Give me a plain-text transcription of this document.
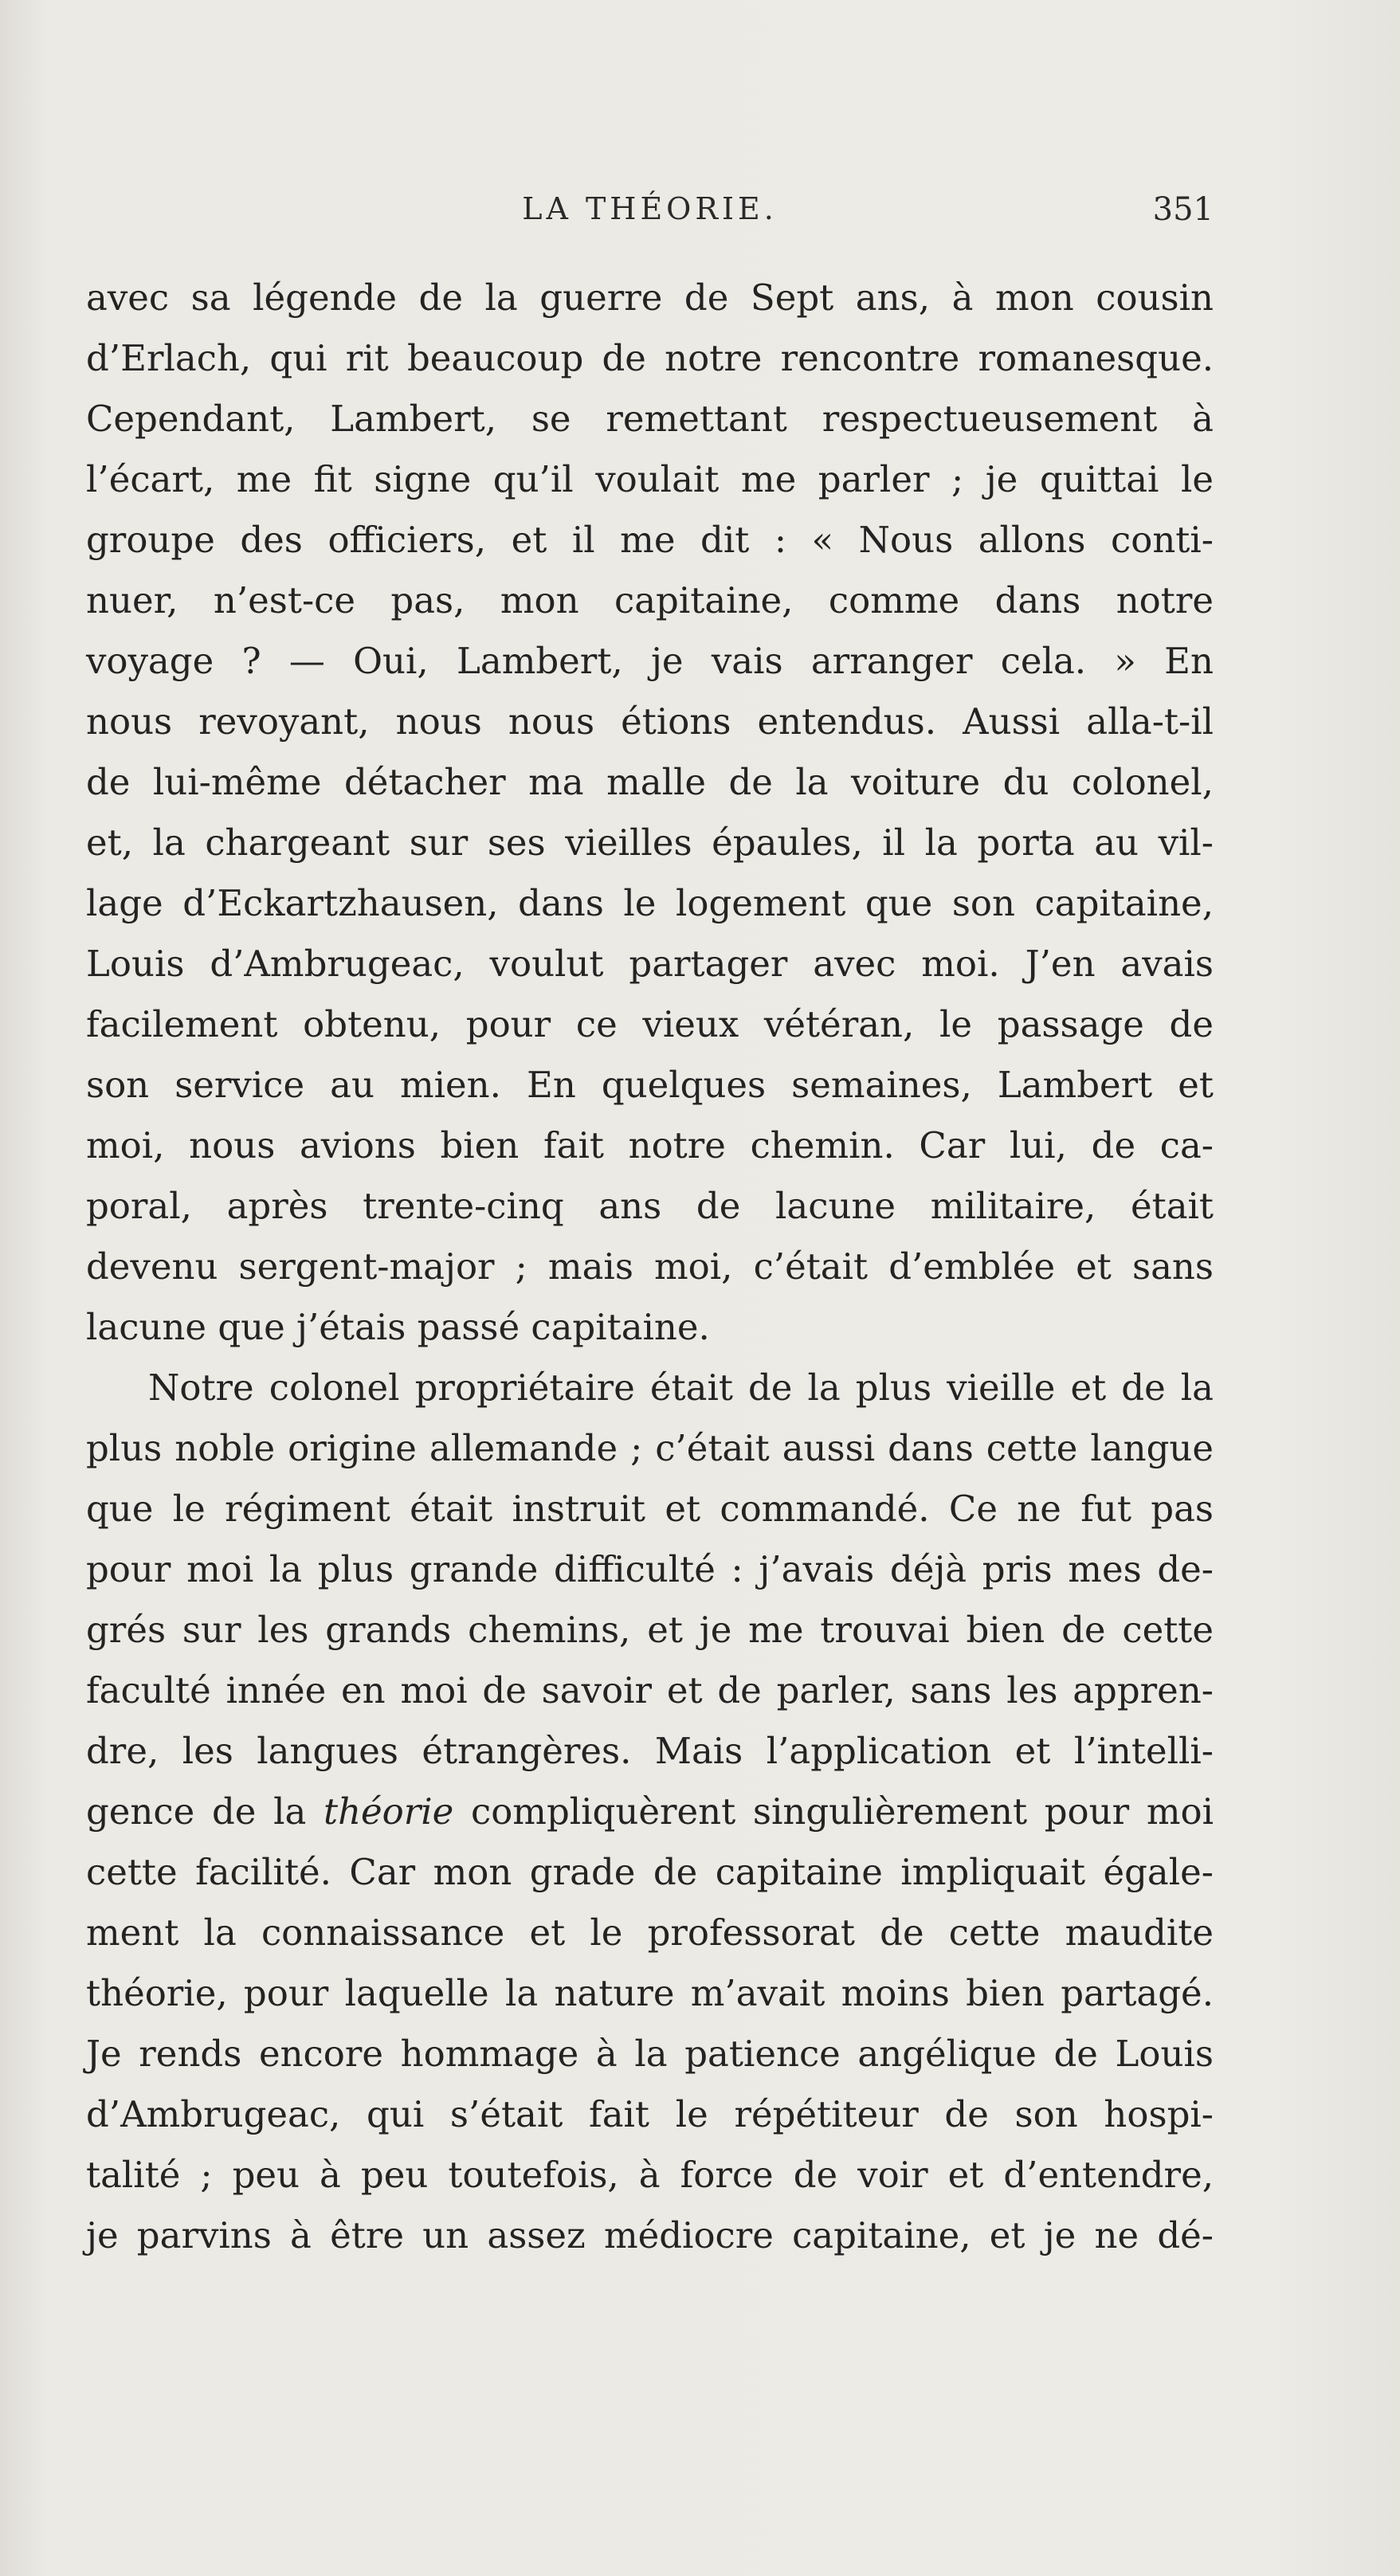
LA THÉORIE.	351
avec sa légende de la guerre de Sept ans, à mon cousin
d’Erlach, qui rit beaucoup de notre rencontre romanesque.
Cependant, Lambert, se remettant respectueusement à
l’écart, me fit signe qu’il voulait me parler ; je quittai le
groupe des officiers, et il me dit : « Nous allons conti-
nuer, n’est-ce pas, mon capitaine, comme dans notre
voyage ? — Oui, Lambert, je vais arranger cela. » En
nous revoyant, nous nous étions entendus. Aussi alla-t-il
de lui-même détacher ma malle de la voiture du colonel,
et, la chargeant sur ses vieilles épaules, il la porta au vil-
lage d’Eckartzhausen, dans le logement que son capitaine,
Louis d’Ambrugeac, voulut partager avec moi. J’en avais
facilement obtenu, pour ce vieux vétéran, le passage de
son service au mien. En quelques semaines, Lambert et
moi, nous avions bien fait notre chemin. Car lui, de ca-
poral, après trente-cinq ans de lacune militaire, était
devenu sergent-major ; mais moi, c’était d’emblée et sans
lacune que j’étais passé capitaine.
Notre colonel propriétaire était de la plus vieille et de la
plus noble origine allemande ; c’était aussi dans cette langue
que le régiment était instruit et commandé. Ce ne fut pas
pour moi la plus grande difficulté : j’avais déjà pris mes de-
grés sur les grands chemins, et je me trouvai bien de cette
faculté innée en moi de savoir et de parler, sans les appren-
dre, les langues étrangères. Mais l’application et l’intelli-
gence de la théorie compliquèrent singulièrement pour moi
cette facilité. Car mon grade de capitaine impliquait égale-
ment la connaissance et le professorat de cette maudite
théorie, pour laquelle la nature m’avait moins bien partagé.
Je rends encore hommage à la patience angélique de Louis
d’Ambrugeac, qui s’était fait le répétiteur de son hospi-
talité ; peu à peu toutefois, à force de voir et d’entendre,
je parvins à être un assez médiocre capitaine, et je ne dé-
